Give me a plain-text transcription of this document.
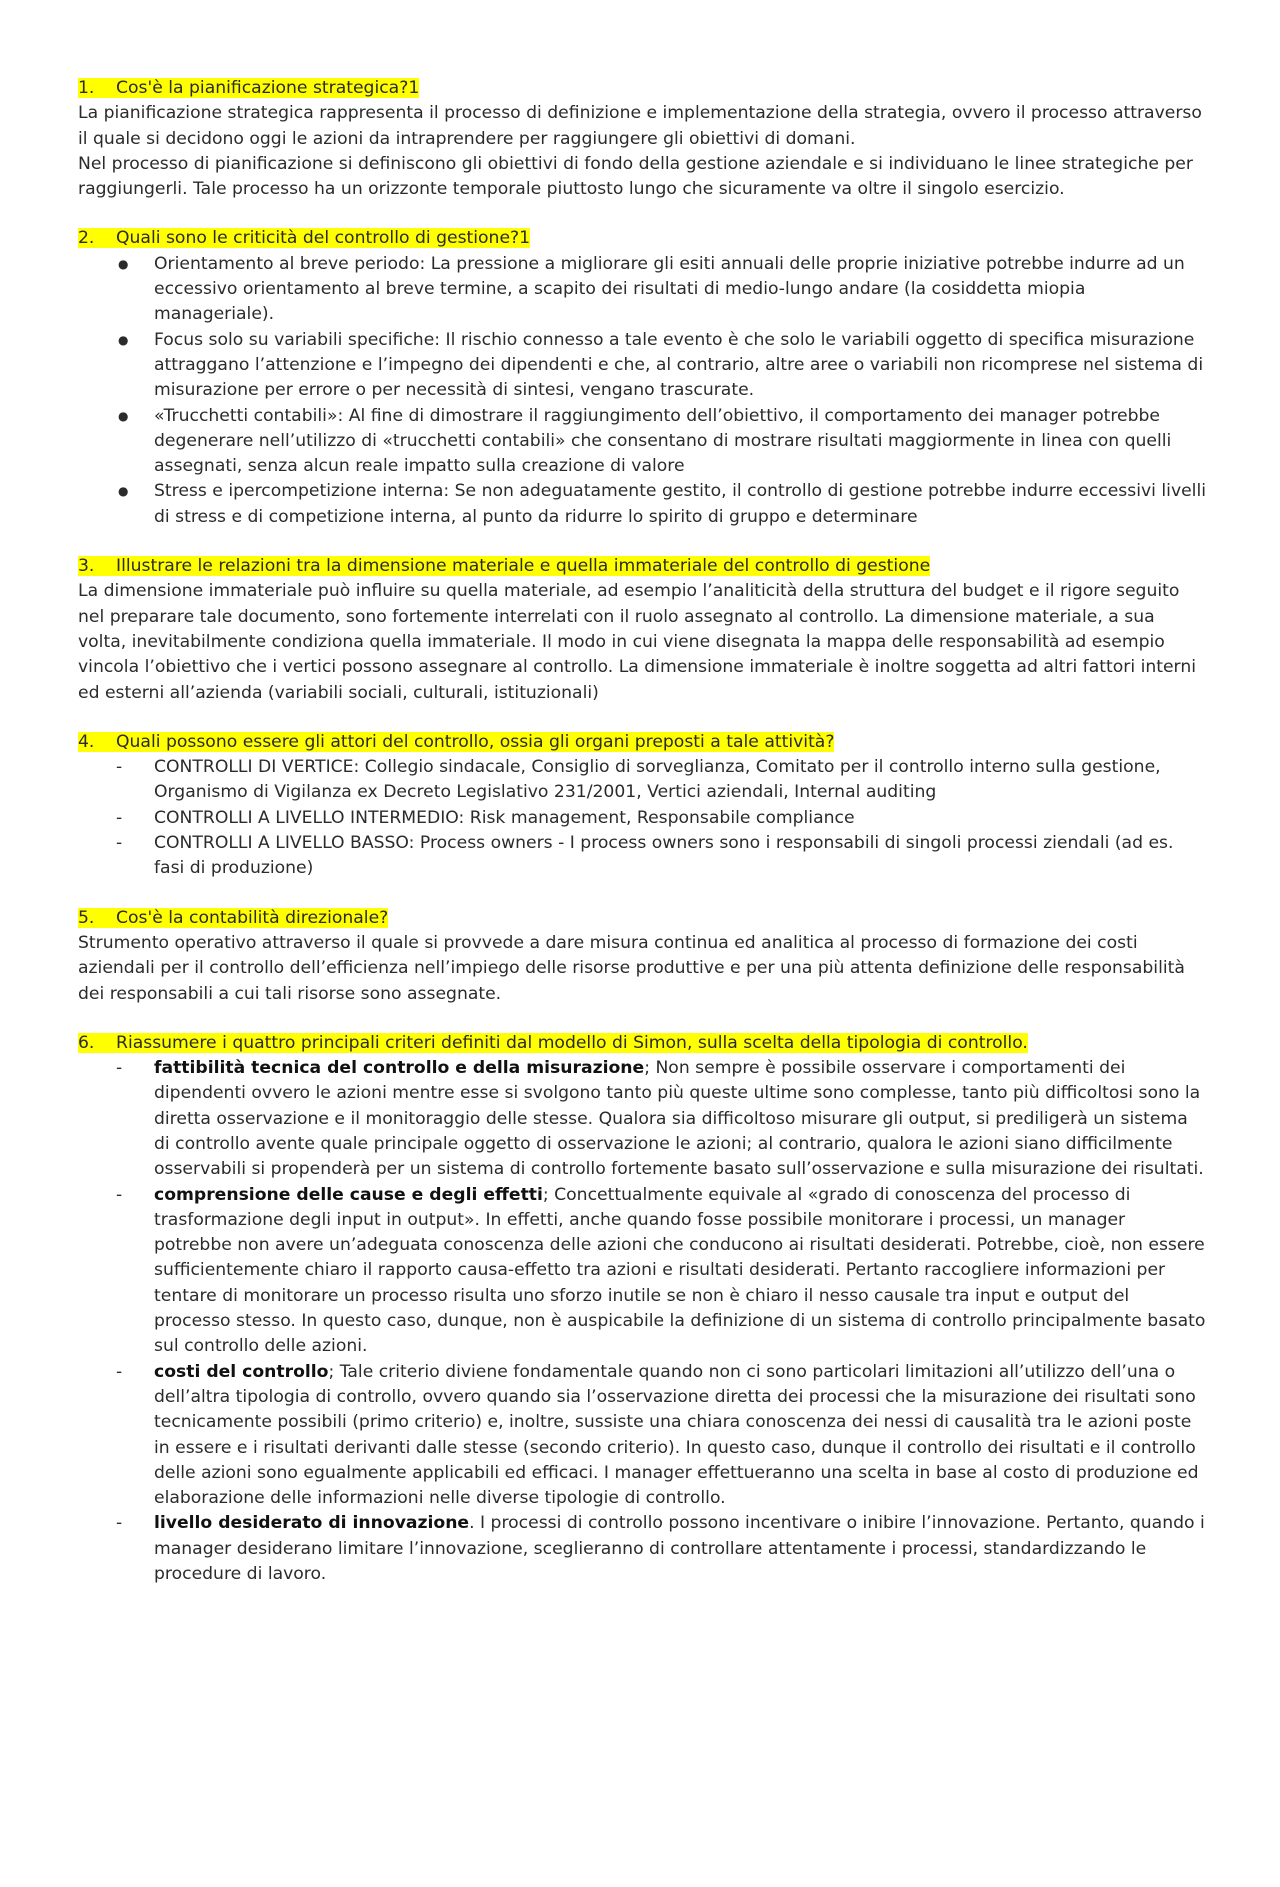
1. Cos'è la pianificazione strategica?1

La pianificazione strategica rappresenta il processo di definizione e implementazione della strategia, ovvero il processo attraverso il quale si decidono oggi le azioni da intraprendere per raggiungere gli obiettivi di domani.

Nel processo di pianificazione si definiscono gli obiettivi di fondo della gestione aziendale e si individuano le linee strategiche per raggiungerli. Tale processo ha un orizzonte temporale piuttosto lungo che sicuramente va oltre il singolo esercizio.

2. Quali sono le criticità del controllo di gestione?1
●	Orientamento al breve periodo: La pressione a migliorare gli esiti annuali delle proprie iniziative potrebbe indurre ad un eccessivo orientamento al breve termine, a scapito dei risultati di medio-lungo andare (la cosiddetta miopia manageriale).
●	Focus solo su variabili specifiche: Il rischio connesso a tale evento è che solo le variabili oggetto di specifica misurazione attraggano l’attenzione e l’impegno dei dipendenti e che, al contrario, altre aree o variabili non ricomprese nel sistema di misurazione per errore o per necessità di sintesi, vengano trascurate.
●	«Trucchetti contabili»: Al fine di dimostrare il raggiungimento dell’obiettivo, il comportamento dei manager potrebbe degenerare nell’utilizzo di «trucchetti contabili» che consentano di mostrare risultati maggiormente in linea con quelli assegnati, senza alcun reale impatto sulla creazione di valore
●	Stress e ipercompetizione interna: Se non adeguatamente gestito, il controllo di gestione potrebbe indurre eccessivi livelli di stress e di competizione interna, al punto da ridurre lo spirito di gruppo e determinare
3. Illustrare le relazioni tra la dimensione materiale e quella immateriale del controllo di gestione

La dimensione immateriale può influire su quella materiale, ad esempio l’analiticità della struttura del budget e il rigore seguito nel preparare tale documento, sono fortemente interrelati con il ruolo assegnato al controllo. La dimensione materiale, a sua volta, inevitabilmente condiziona quella immateriale. Il modo in cui viene disegnata la mappa delle responsabilità ad esempio vincola l’obiettivo che i vertici possono assegnare al controllo. La dimensione immateriale è inoltre soggetta ad altri fattori interni ed esterni all’azienda (variabili sociali, culturali, istituzionali)

4. Quali possono essere gli attori del controllo, ossia gli organi preposti a tale attività?
-	CONTROLLI DI VERTICE: Collegio sindacale, Consiglio di sorveglianza, Comitato per il controllo interno sulla gestione, Organismo di Vigilanza ex Decreto Legislativo 231/2001, Vertici aziendali, Internal auditing
-	CONTROLLI A LIVELLO INTERMEDIO: Risk management, Responsabile compliance
-	CONTROLLI A LIVELLO BASSO: Process owners - I process owners sono i responsabili di singoli processi ziendali (ad es. fasi di produzione)
5. Cos'è la contabilità direzionale?

Strumento operativo attraverso il quale si provvede a dare misura continua ed analitica al processo di formazione dei costi aziendali per il controllo dell’efficienza nell’impiego delle risorse produttive e per una più attenta definizione delle responsabilità dei responsabili a cui tali risorse sono assegnate.

6. Riassumere i quattro principali criteri definiti dal modello di Simon, sulla scelta della tipologia di controllo.
-	fattibilità tecnica del controllo e della misurazione; Non sempre è possibile osservare i comportamenti dei dipendenti ovvero le azioni mentre esse si svolgono tanto più queste ultime sono complesse, tanto più difficoltosi sono la diretta osservazione e il monitoraggio delle stesse. Qualora sia difficoltoso misurare gli output, si prediligerà un sistema di controllo avente quale principale oggetto di osservazione le azioni; al contrario, qualora le azioni siano difficilmente osservabili si propenderà per un sistema di controllo fortemente basato sull’osservazione e sulla misurazione dei risultati.
-	comprensione delle cause e degli effetti; Concettualmente equivale al «grado di conoscenza del processo di trasformazione degli input in output». In effetti, anche quando fosse possibile monitorare i processi, un manager potrebbe non avere un’adeguata conoscenza delle azioni che conducono ai risultati desiderati. Potrebbe, cioè, non essere sufficientemente chiaro il rapporto causa-effetto tra azioni e risultati desiderati. Pertanto raccogliere informazioni per tentare di monitorare un processo risulta uno sforzo inutile se non è chiaro il nesso causale tra input e output del processo stesso. In questo caso, dunque, non è auspicabile la definizione di un sistema di controllo principalmente basato sul controllo delle azioni.
-	costi del controllo; Tale criterio diviene fondamentale quando non ci sono particolari limitazioni all’utilizzo dell’una o dell’altra tipologia di controllo, ovvero quando sia l’osservazione diretta dei processi che la misurazione dei risultati sono tecnicamente possibili (primo criterio) e, inoltre, sussiste una chiara conoscenza dei nessi di causalità tra le azioni poste in essere e i risultati derivanti dalle stesse (secondo criterio). In questo caso, dunque il controllo dei risultati e il controllo delle azioni sono egualmente applicabili ed efficaci. I manager effettueranno una scelta in base al costo di produzione ed elaborazione delle informazioni nelle diverse tipologie di controllo.
-	livello desiderato di innovazione. I processi di controllo possono incentivare o inibire l’innovazione. Pertanto, quando i manager desiderano limitare l’innovazione, sceglieranno di controllare attentamente i processi, standardizzando le procedure di lavoro.
